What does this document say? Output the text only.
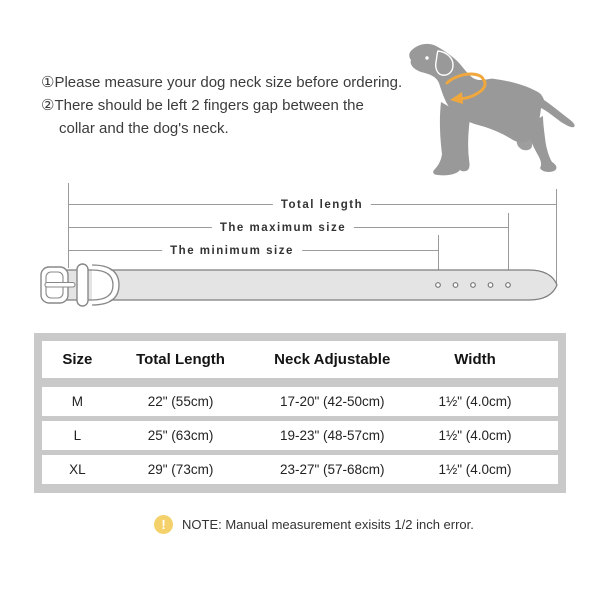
①Please measure your dog neck size before ordering.
②There should be left 2 fingers gap between the
collar and the dog's neck.
Total length
The maximum size
The minimum size
Size	Total Length	Neck Adjustable	Width
M	22" (55cm)	17-20" (42-50cm)	1½" (4.0cm)
L	25" (63cm)	19-23" (48-57cm)	1½" (4.0cm)
XL	29" (73cm)	23-27" (57-68cm)	1½" (4.0cm)
!	NOTE: Manual measurement exisits 1/2 inch error.
